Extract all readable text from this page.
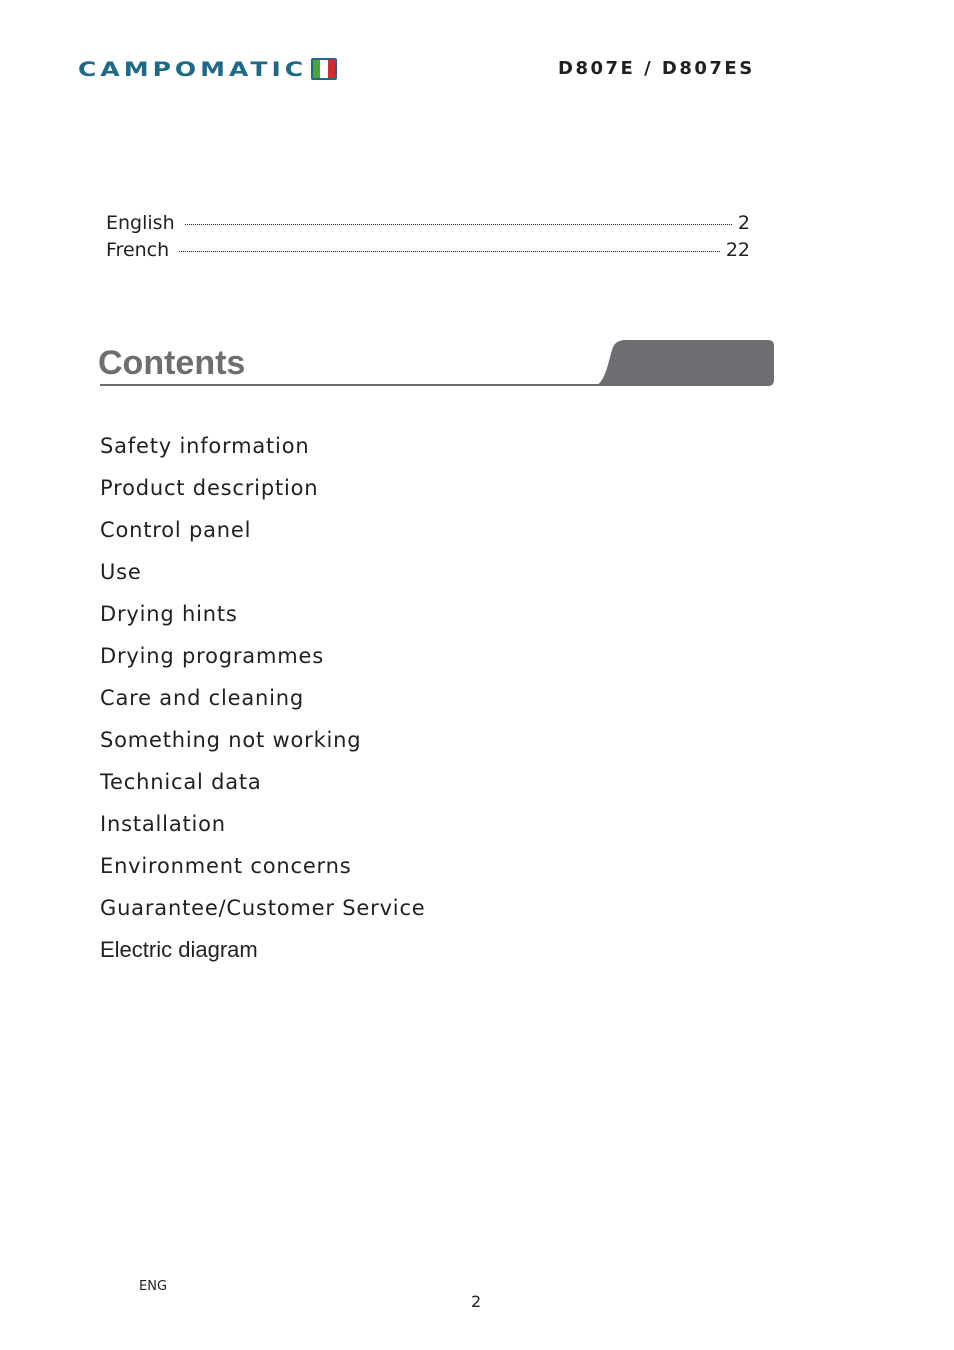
CAMPOMATIC	D807E / D807ES
English	2
French	22
Contents
Safety information
Product description
Control panel
Use
Drying hints
Drying programmes
Care and cleaning
Something not working
Technical data
Installation
Environment concerns
Guarantee/Customer Service
Electric diagram
ENG
2
